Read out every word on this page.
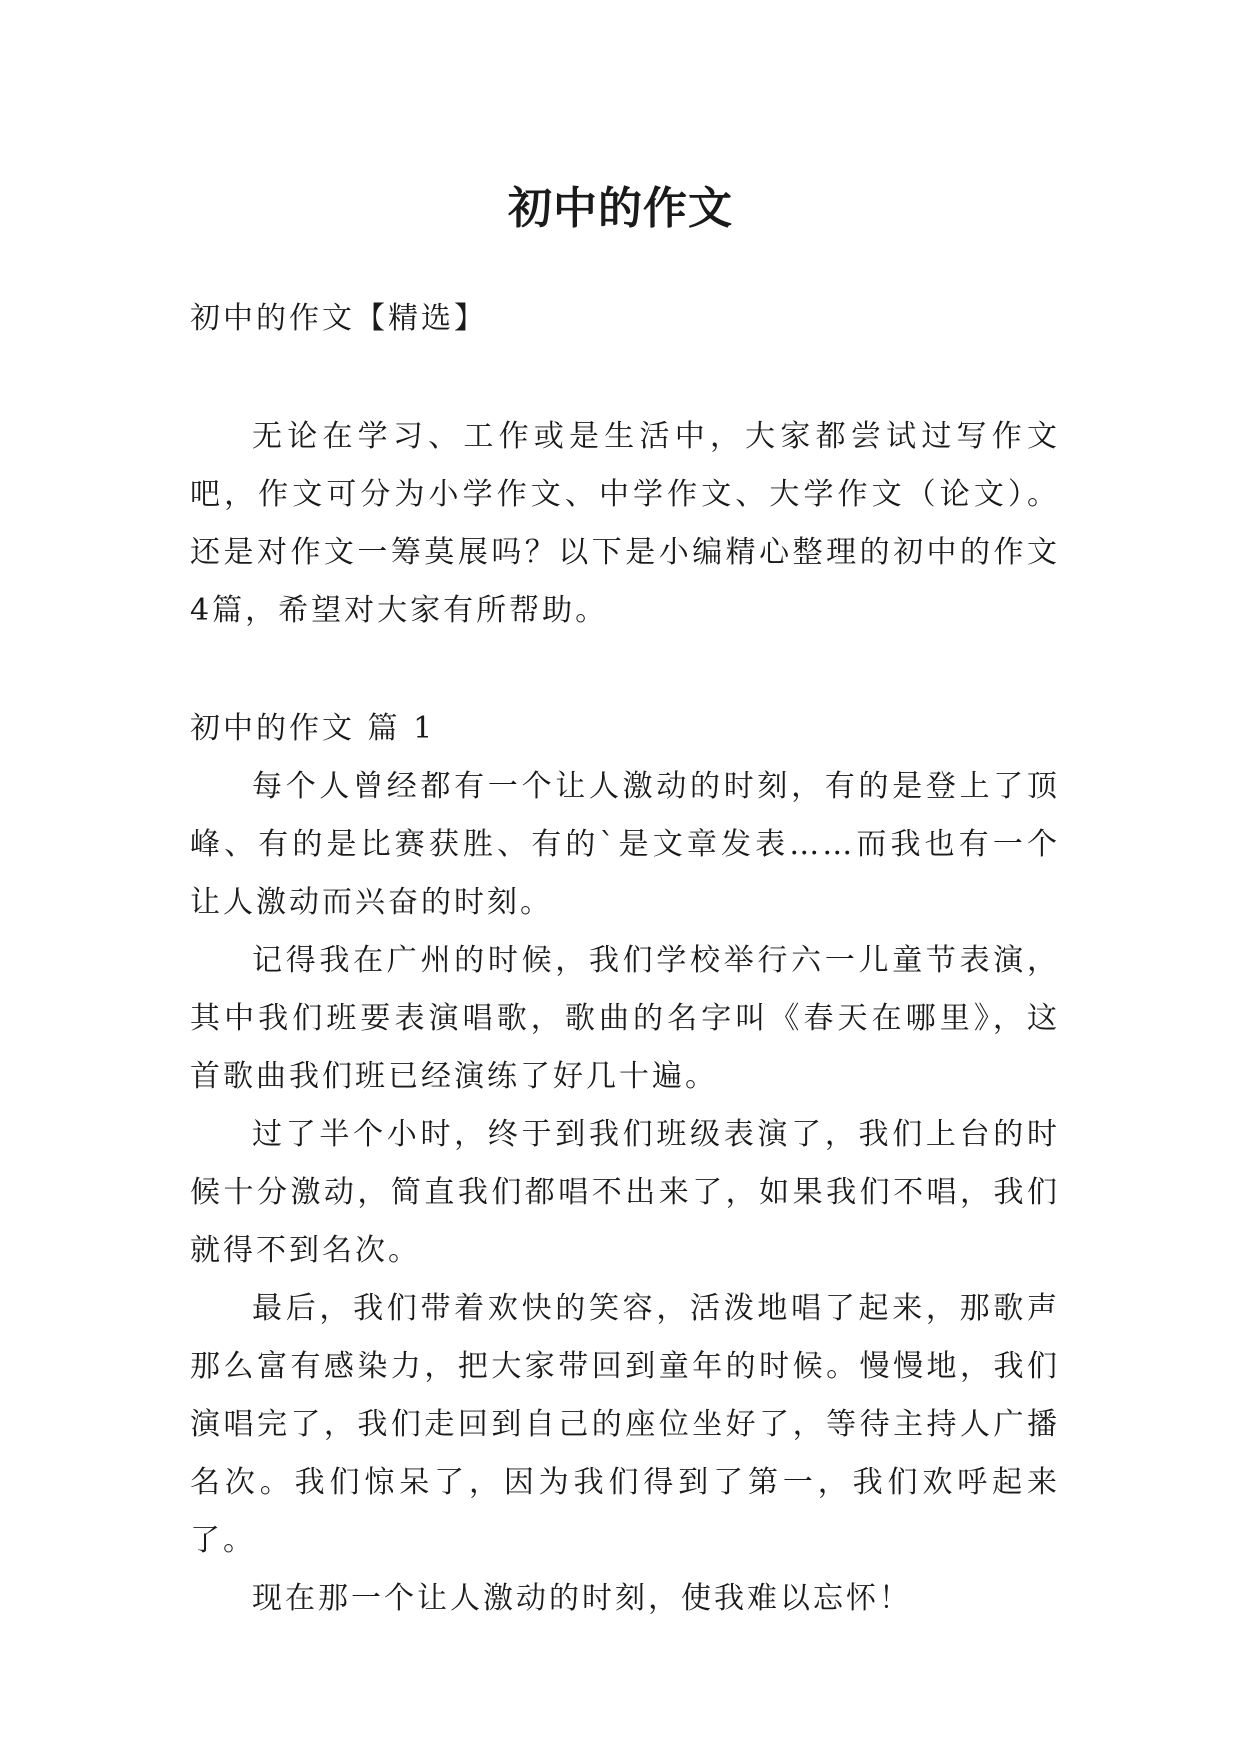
初中的作文

初中的作文【精选】

无论在学习、工作或是生活中，大家都尝试过写作文吧，作文可分为小学作文、中学作文、大学作文（论文）。还是对作文一筹莫展吗？以下是小编精心整理的初中的作文4篇，希望对大家有所帮助。

初中的作文 篇 1

每个人曾经都有一个让人激动的时刻，有的是登上了顶峰、有的是比赛获胜、有的`是文章发表……而我也有一个让人激动而兴奋的时刻。

记得我在广州的时候，我们学校举行六一儿童节表演，其中我们班要表演唱歌，歌曲的名字叫《春天在哪里》，这首歌曲我们班已经演练了好几十遍。

过了半个小时，终于到我们班级表演了，我们上台的时候十分激动，简直我们都唱不出来了，如果我们不唱，我们就得不到名次。

最后，我们带着欢快的笑容，活泼地唱了起来，那歌声那么富有感染力，把大家带回到童年的时候。慢慢地，我们演唱完了，我们走回到自己的座位坐好了，等待主持人广播名次。我们惊呆了，因为我们得到了第一，我们欢呼起来了。

现在那一个让人激动的时刻，使我难以忘怀！
